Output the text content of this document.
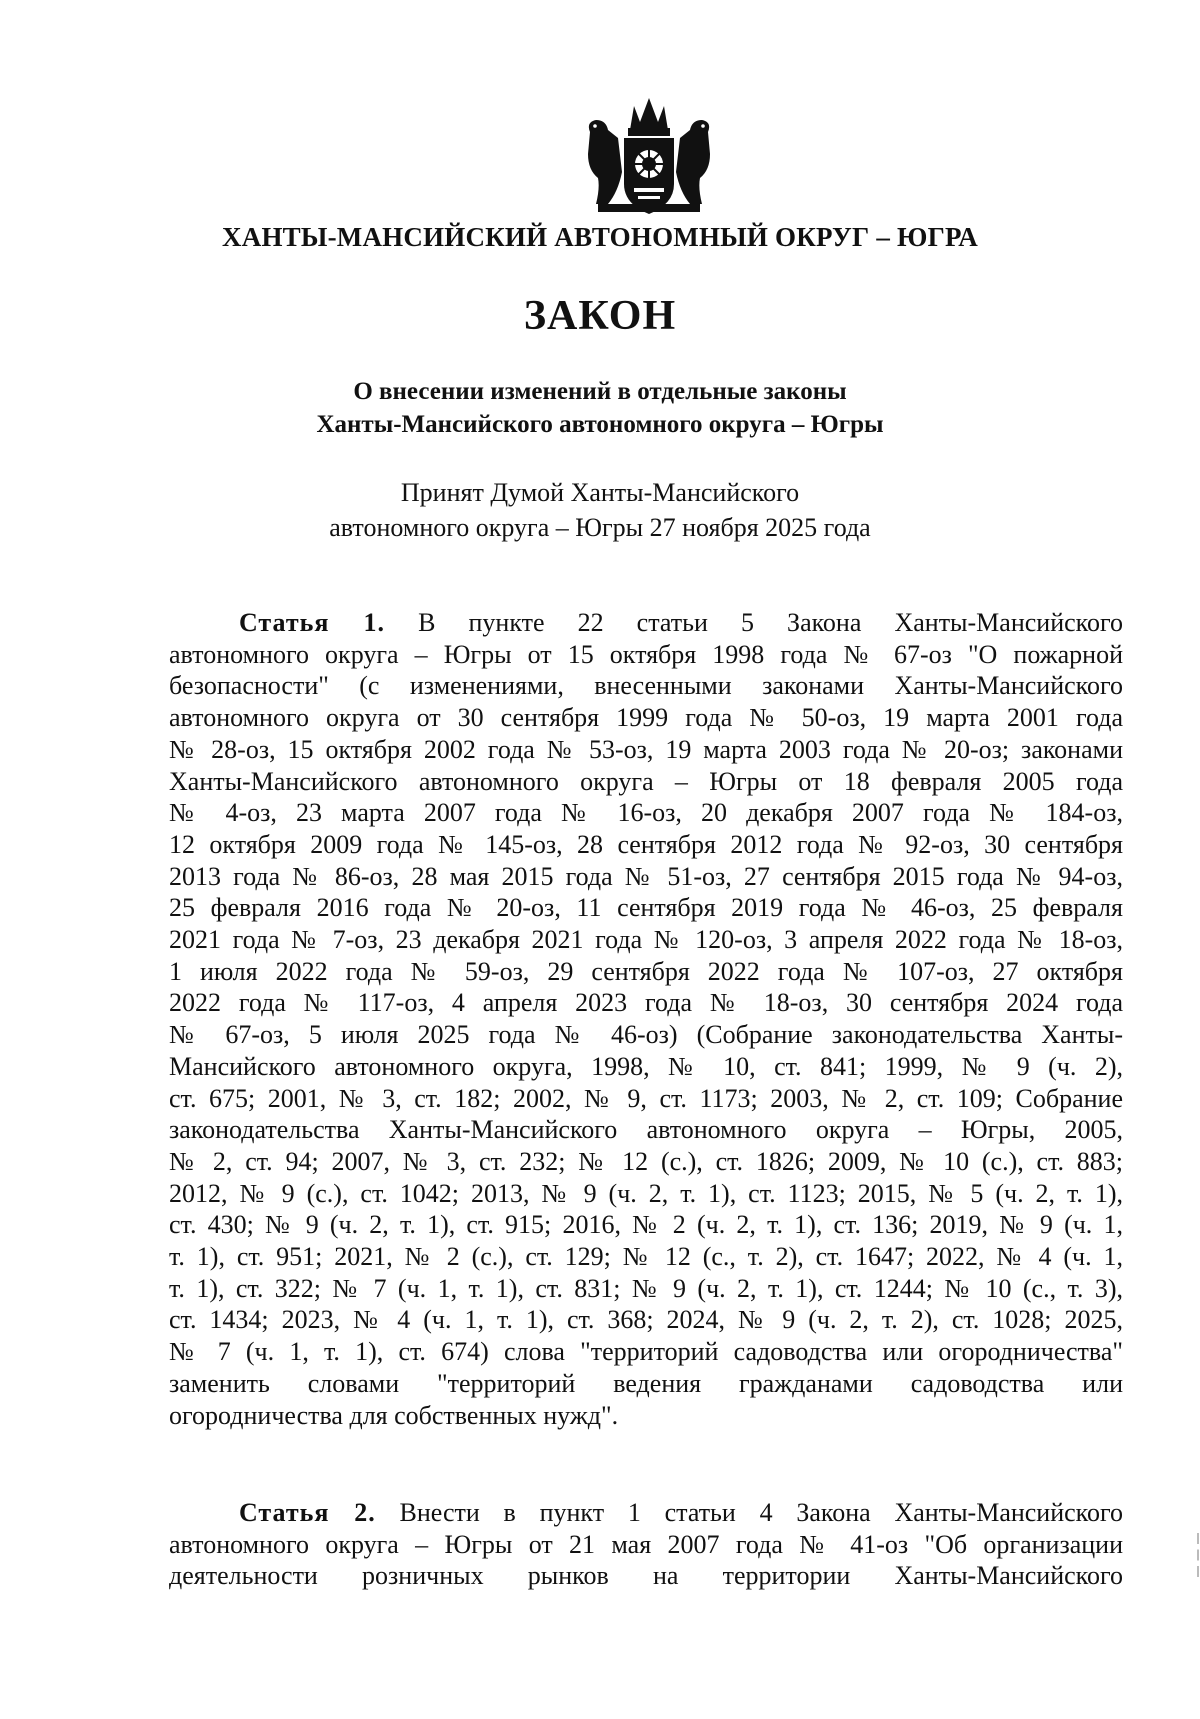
ХАНТЫ-МАНСИЙСКИЙ АВТОНОМНЫЙ ОКРУГ – ЮГРА
ЗАКОН
О внесении изменений в отдельные законы
Ханты-Мансийского автономного округа – Югры
Принят Думой Ханты-Мансийского
автономного округа – Югры 27 ноября 2025 года
Статья 1. В пункте 22 статьи 5 Закона Ханты-Мансийского
автономного округа – Югры от 15 октября 1998 года № 67-оз "О пожарной
безопасности" (с изменениями, внесенными законами Ханты-Мансийского
автономного округа от 30 сентября 1999 года № 50-оз, 19 марта 2001 года
№ 28-оз, 15 октября 2002 года № 53-оз, 19 марта 2003 года № 20-оз; законами
Ханты-Мансийского автономного округа – Югры от 18 февраля 2005 года
№ 4-оз, 23 марта 2007 года № 16-оз, 20 декабря 2007 года № 184-оз,
12 октября 2009 года № 145-оз, 28 сентября 2012 года № 92-оз, 30 сентября
2013 года № 86-оз, 28 мая 2015 года № 51-оз, 27 сентября 2015 года № 94-оз,
25 февраля 2016 года № 20-оз, 11 сентября 2019 года № 46-оз, 25 февраля
2021 года № 7-оз, 23 декабря 2021 года № 120-оз, 3 апреля 2022 года № 18-оз,
1 июля 2022 года № 59-оз, 29 сентября 2022 года № 107-оз, 27 октября
2022 года № 117-оз, 4 апреля 2023 года № 18-оз, 30 сентября 2024 года
№ 67-оз, 5 июля 2025 года № 46-оз) (Собрание законодательства Ханты-
Мансийского автономного округа, 1998, № 10, ст. 841; 1999, № 9 (ч. 2),
ст. 675; 2001, № 3, ст. 182; 2002, № 9, ст. 1173; 2003, № 2, ст. 109; Собрание
законодательства Ханты-Мансийского автономного округа – Югры, 2005,
№ 2, ст. 94; 2007, № 3, ст. 232; № 12 (с.), ст. 1826; 2009, № 10 (с.), ст. 883;
2012, № 9 (с.), ст. 1042; 2013, № 9 (ч. 2, т. 1), ст. 1123; 2015, № 5 (ч. 2, т. 1),
ст. 430; № 9 (ч. 2, т. 1), ст. 915; 2016, № 2 (ч. 2, т. 1), ст. 136; 2019, № 9 (ч. 1,
т. 1), ст. 951; 2021, № 2 (с.), ст. 129; № 12 (с., т. 2), ст. 1647; 2022, № 4 (ч. 1,
т. 1), ст. 322; № 7 (ч. 1, т. 1), ст. 831; № 9 (ч. 2, т. 1), ст. 1244; № 10 (с., т. 3),
ст. 1434; 2023, № 4 (ч. 1, т. 1), ст. 368; 2024, № 9 (ч. 2, т. 2), ст. 1028; 2025,
№ 7 (ч. 1, т. 1), ст. 674) слова "территорий садоводства или огородничества"
заменить словами "территорий ведения гражданами садоводства или
огородничества для собственных нужд".
Статья 2. Внести в пункт 1 статьи 4 Закона Ханты-Мансийского
автономного округа – Югры от 21 мая 2007 года № 41-оз "Об организации
деятельности розничных рынков на территории Ханты-Мансийского
